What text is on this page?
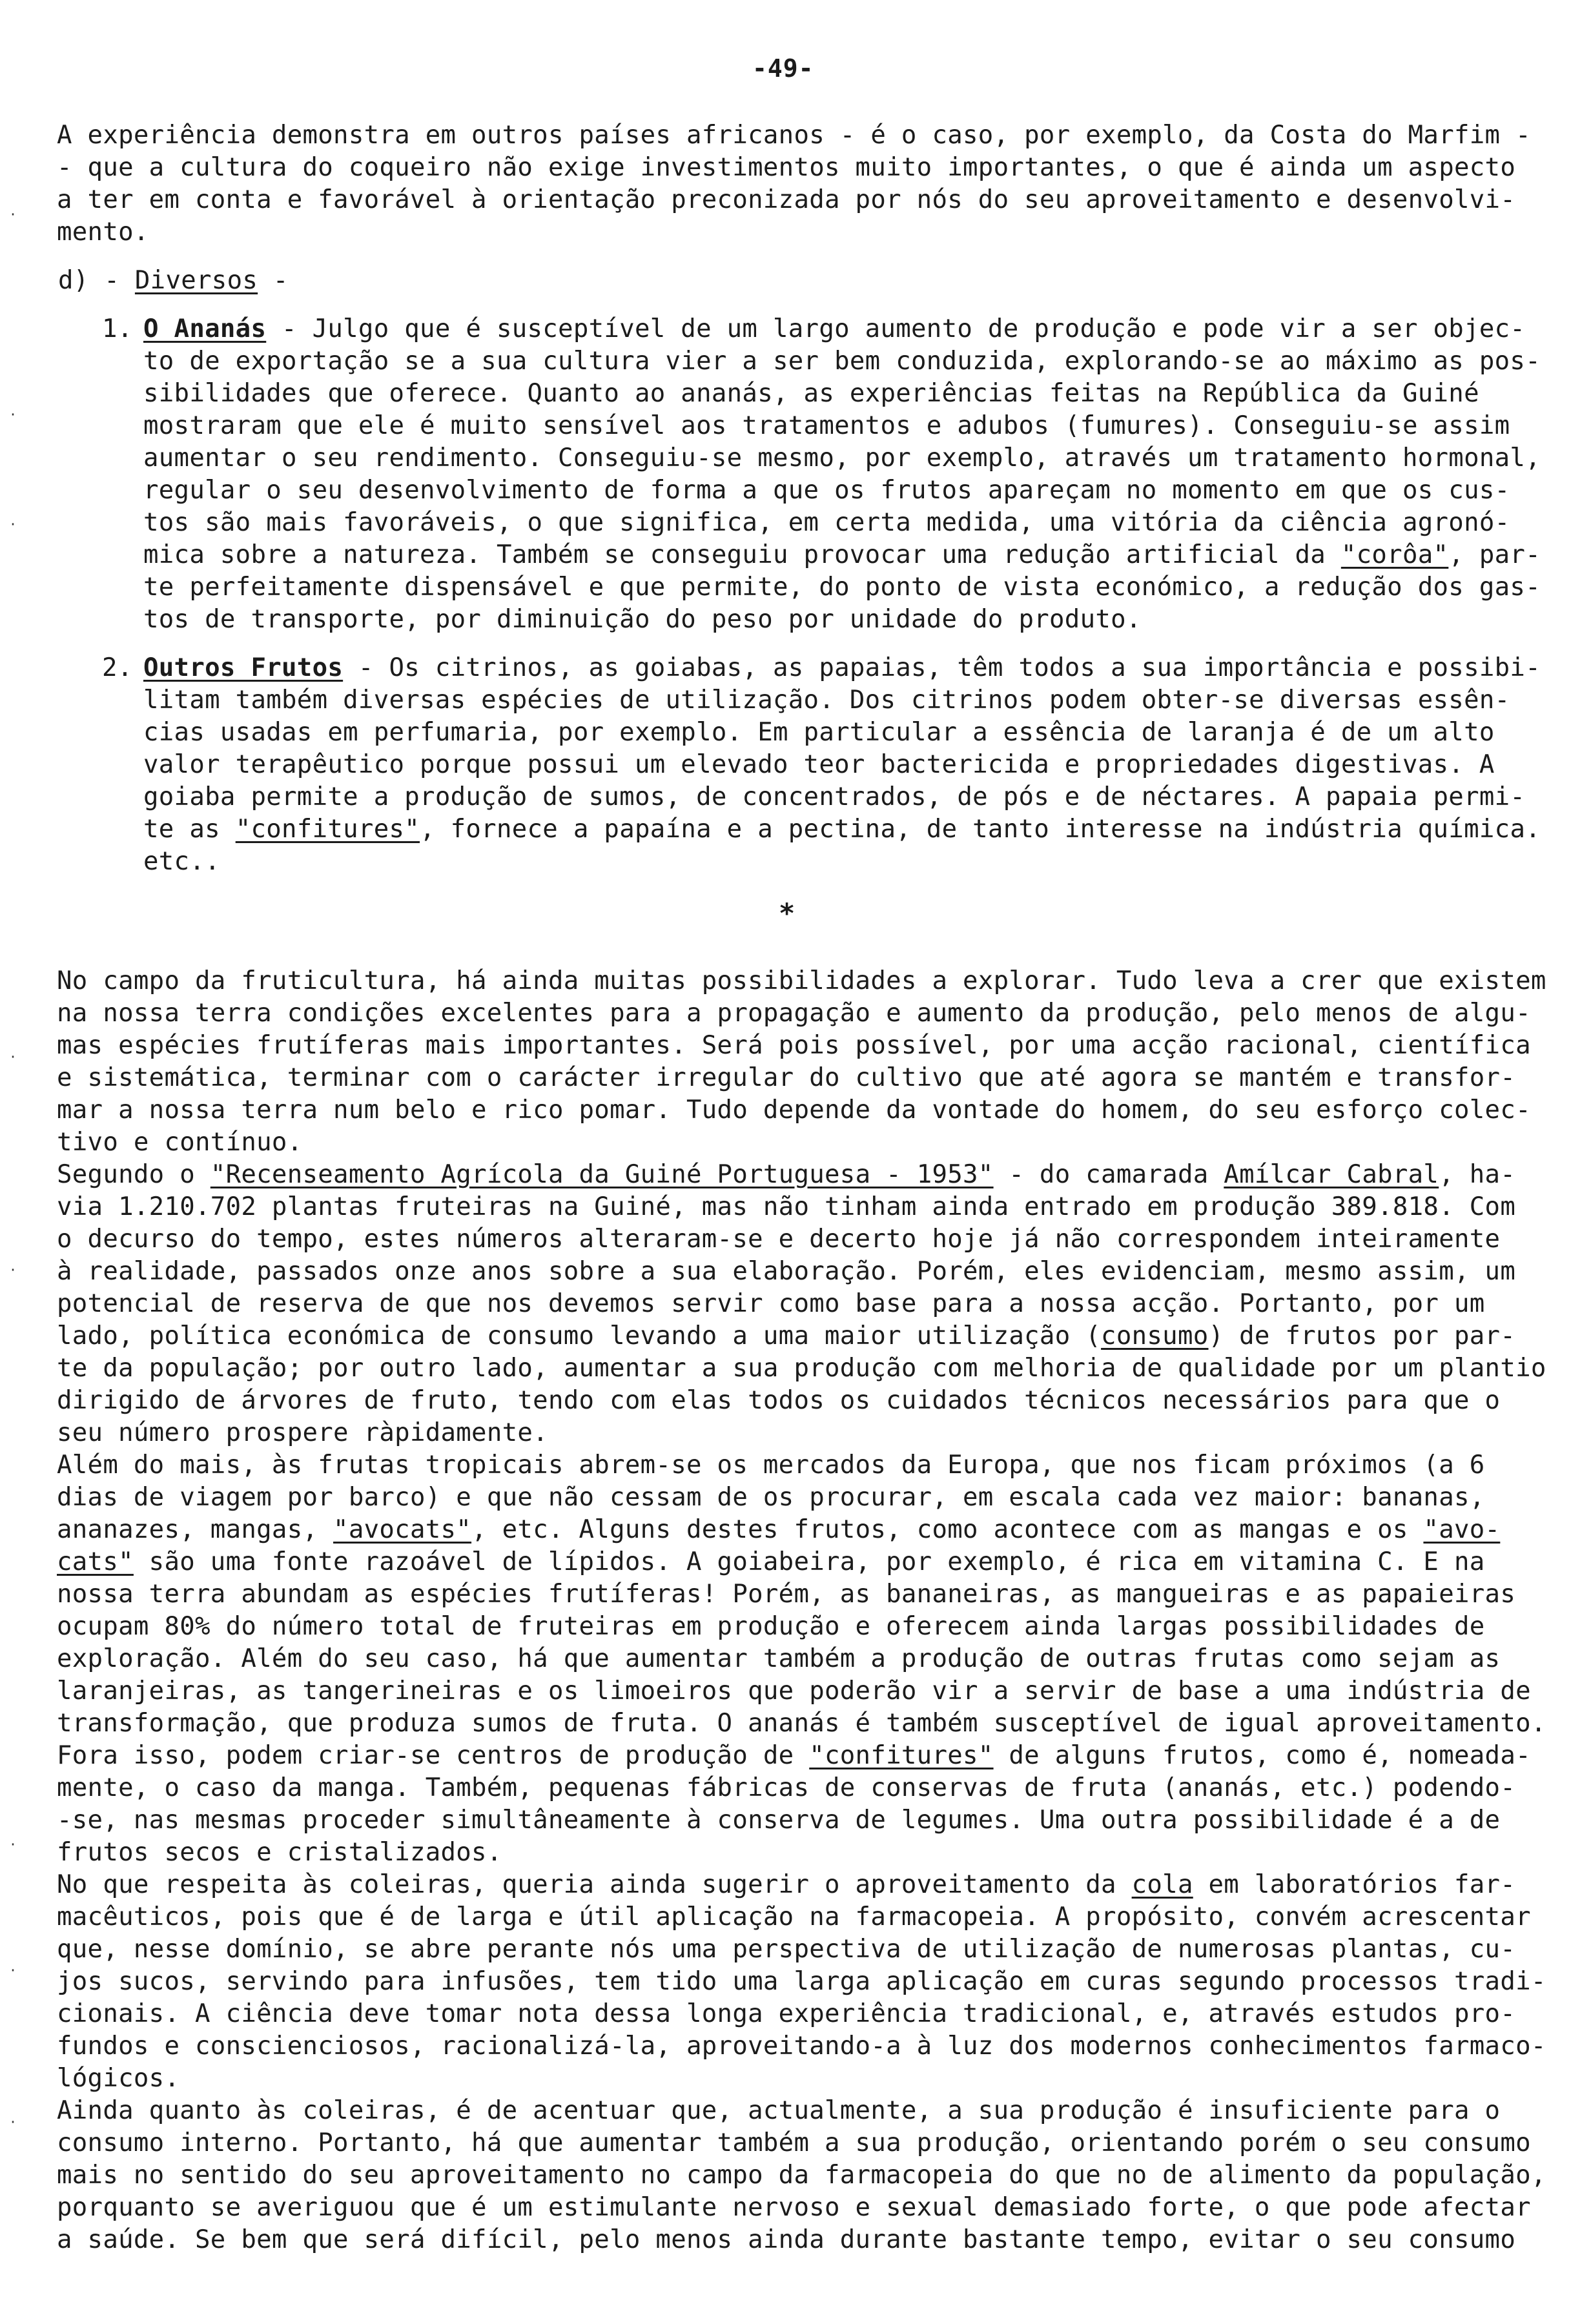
-49-
A experiência demonstra em outros países africanos - é o caso, por exemplo, da Costa do Marfim -
- que a cultura do coqueiro não exige investimentos muito importantes, o que é ainda um aspecto
a ter em conta e favorável à orientação preconizada por nós do seu aproveitamento e desenvolvi-
mento.
d) - Diversos -
1. O Ananás - Julgo que é susceptível de um largo aumento de produção e pode vir a ser objec-
to de exportação se a sua cultura vier a ser bem conduzida, explorando-se ao máximo as pos-
sibilidades que oferece. Quanto ao ananás, as experiências feitas na República da Guiné
mostraram que ele é muito sensível aos tratamentos e adubos (fumures). Conseguiu-se assim
aumentar o seu rendimento. Conseguiu-se mesmo, por exemplo, através um tratamento hormonal,
regular o seu desenvolvimento de forma a que os frutos apareçam no momento em que os cus-
tos são mais favoráveis, o que significa, em certa medida, uma vitória da ciência agronó-
mica sobre a natureza. Também se conseguiu provocar uma redução artificial da "corôa", par-
te perfeitamente dispensável e que permite, do ponto de vista económico, a redução dos gas-
tos de transporte, por diminuição do peso por unidade do produto.
2. Outros Frutos - Os citrinos, as goiabas, as papaias, têm todos a sua importância e possibi-
litam também diversas espécies de utilização. Dos citrinos podem obter-se diversas essên-
cias usadas em perfumaria, por exemplo. Em particular a essência de laranja é de um alto
valor terapêutico porque possui um elevado teor bactericida e propriedades digestivas. A
goiaba permite a produção de sumos, de concentrados, de pós e de néctares. A papaia permi-
te as "confitures", fornece a papaína e a pectina, de tanto interesse na indústria química.
etc..
*
No campo da fruticultura, há ainda muitas possibilidades a explorar. Tudo leva a crer que existem
na nossa terra condições excelentes para a propagação e aumento da produção, pelo menos de algu-
mas espécies frutíferas mais importantes. Será pois possível, por uma acção racional, científica
e sistemática, terminar com o carácter irregular do cultivo que até agora se mantém e transfor-
mar a nossa terra num belo e rico pomar. Tudo depende da vontade do homem, do seu esforço colec-
tivo e contínuo.
Segundo o "Recenseamento Agrícola da Guiné Portuguesa - 1953" - do camarada Amílcar Cabral, ha-
via 1.210.702 plantas fruteiras na Guiné, mas não tinham ainda entrado em produção 389.818. Com
o decurso do tempo, estes números alteraram-se e decerto hoje já não correspondem inteiramente
à realidade, passados onze anos sobre a sua elaboração. Porém, eles evidenciam, mesmo assim, um
potencial de reserva de que nos devemos servir como base para a nossa acção. Portanto, por um
lado, política económica de consumo levando a uma maior utilização (consumo) de frutos por par-
te da população; por outro lado, aumentar a sua produção com melhoria de qualidade por um plantio
dirigido de árvores de fruto, tendo com elas todos os cuidados técnicos necessários para que o
seu número prospere ràpidamente.
Além do mais, às frutas tropicais abrem-se os mercados da Europa, que nos ficam próximos (a 6
dias de viagem por barco) e que não cessam de os procurar, em escala cada vez maior: bananas,
ananazes, mangas, "avocats", etc. Alguns destes frutos, como acontece com as mangas e os "avo-
cats" são uma fonte razoável de lípidos. A goiabeira, por exemplo, é rica em vitamina C. E na
nossa terra abundam as espécies frutíferas! Porém, as bananeiras, as mangueiras e as papaieiras
ocupam 80% do número total de fruteiras em produção e oferecem ainda largas possibilidades de
exploração. Além do seu caso, há que aumentar também a produção de outras frutas como sejam as
laranjeiras, as tangerineiras e os limoeiros que poderão vir a servir de base a uma indústria de
transformação, que produza sumos de fruta. O ananás é também susceptível de igual aproveitamento.
Fora isso, podem criar-se centros de produção de "confitures" de alguns frutos, como é, nomeada-
mente, o caso da manga. Também, pequenas fábricas de conservas de fruta (ananás, etc.) podendo-
-se, nas mesmas proceder simultâneamente à conserva de legumes. Uma outra possibilidade é a de
frutos secos e cristalizados.
No que respeita às coleiras, queria ainda sugerir o aproveitamento da cola em laboratórios far-
macêuticos, pois que é de larga e útil aplicação na farmacopeia. A propósito, convém acrescentar
que, nesse domínio, se abre perante nós uma perspectiva de utilização de numerosas plantas, cu-
jos sucos, servindo para infusões, tem tido uma larga aplicação em curas segundo processos tradi-
cionais. A ciência deve tomar nota dessa longa experiência tradicional, e, através estudos pro-
fundos e conscienciosos, racionalizá-la, aproveitando-a à luz dos modernos conhecimentos farmaco-
lógicos.
Ainda quanto às coleiras, é de acentuar que, actualmente, a sua produção é insuficiente para o
consumo interno. Portanto, há que aumentar também a sua produção, orientando porém o seu consumo
mais no sentido do seu aproveitamento no campo da farmacopeia do que no de alimento da população,
porquanto se averiguou que é um estimulante nervoso e sexual demasiado forte, o que pode afectar
a saúde. Se bem que será difícil, pelo menos ainda durante bastante tempo, evitar o seu consumo
·
·
·
·
·
·
·
·
